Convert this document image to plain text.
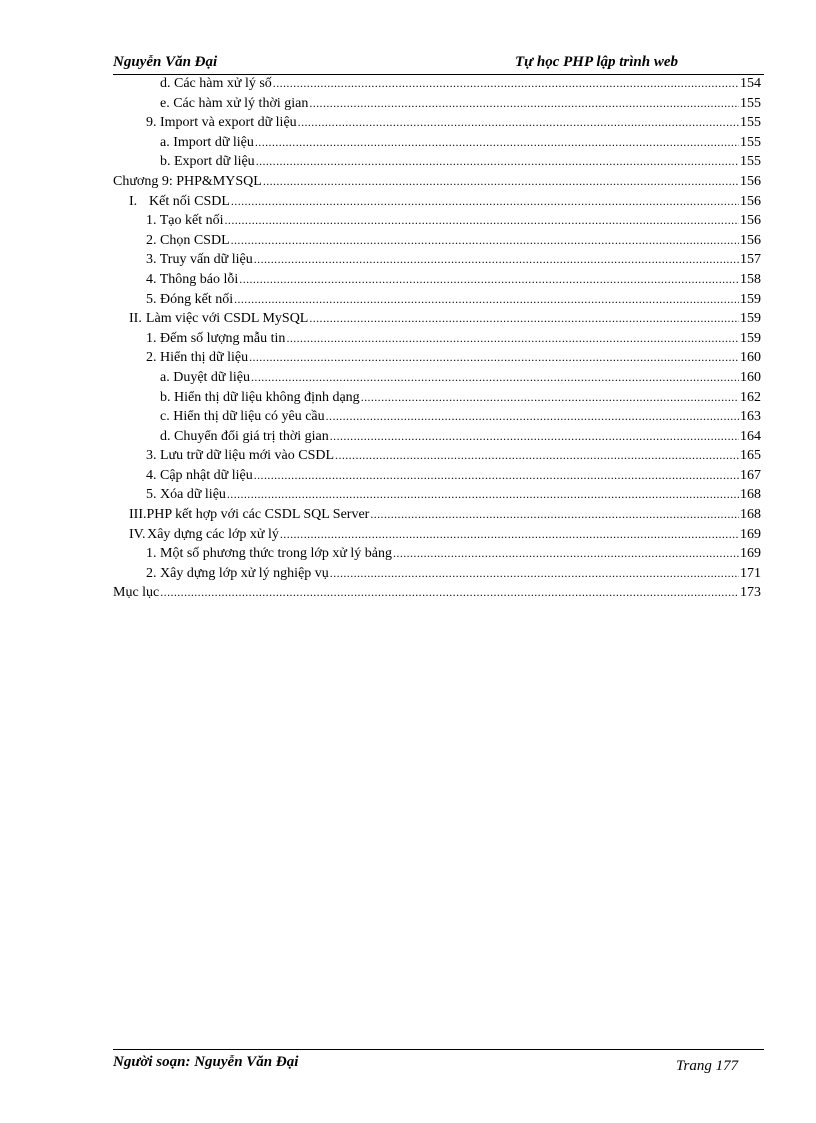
Nguyễn Văn Đại	Tự học PHP lập trình web
d. Các hàm xử lý số .....	154
e. Các hàm xử lý thời gian .....	155
9. Import và export dữ liệu .....	155
a. Import dữ liệu .....	155
b. Export dữ liệu .....	155
Chương 9: PHP&MYSQL .....	156
I. Kết nối CSDL .....	156
1. Tạo kết nối .....	156
2. Chọn CSDL .....	156
3. Truy vấn dữ liệu .....	157
4. Thông báo lỗi .....	158
5. Đóng kết nối .....	159
II. Làm việc với CSDL MySQL .....	159
1. Đếm số lượng mẫu tin .....	159
2. Hiển thị dữ liệu .....	160
a. Duyệt dữ liệu .....	160
b. Hiển thị dữ liệu không định dạng .....	162
c. Hiển thị dữ liệu có yêu cầu .....	163
d. Chuyển đổi giá trị thời gian .....	164
3. Lưu trữ dữ liệu mới vào CSDL .....	165
4. Cập nhật dữ liệu .....	167
5. Xóa dữ liệu .....	168
III. PHP kết hợp với các CSDL SQL Server .....	168
IV. Xây dựng các lớp xử lý .....	169
1. Một số phương thức trong lớp xử lý bảng .....	169
2. Xây dựng lớp xử lý nghiệp vụ .....	171
Mục lục .....	173
Người soạn: Nguyễn Văn Đại	Trang 177
